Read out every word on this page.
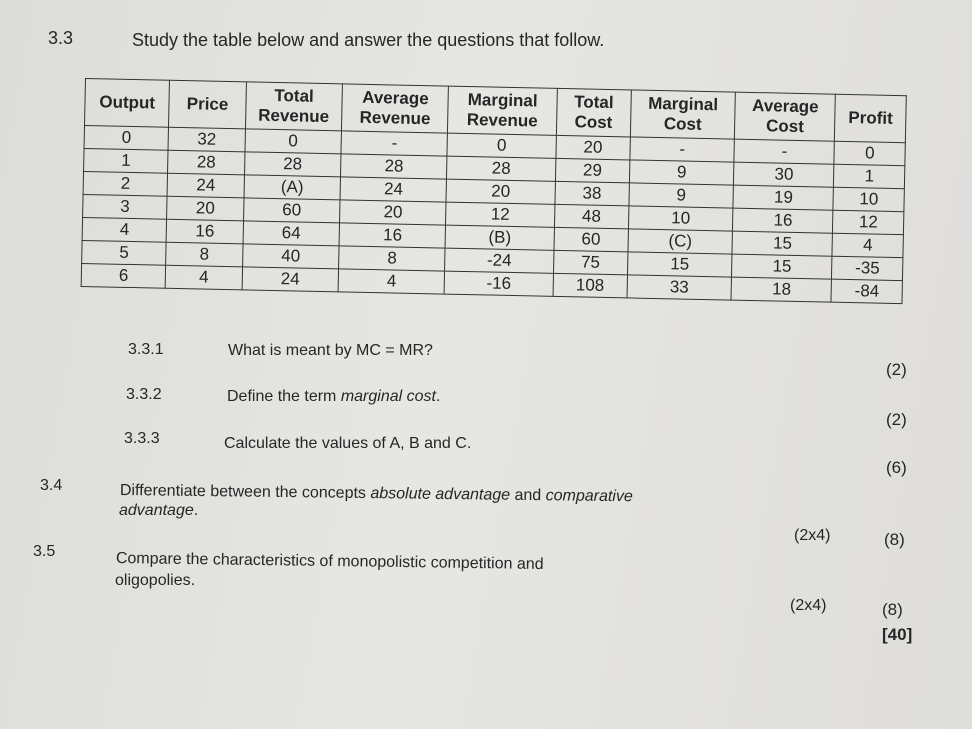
3.3	Study the table below and answer the questions that follow.
Output	Price	Total Revenue	Average Revenue	Marginal Revenue	Total Cost	Marginal Cost	Average Cost	Profit
0	32	0	-	0	20	-	-	0
1	28	28	28	28	29	9	30	1
2	24	(A)	24	20	38	9	19	10
3	20	60	20	12	48	10	16	12
4	16	64	16	(B)	60	(C)	15	4
5	8	40	8	-24	75	15	15	-35
6	4	24	4	-16	108	33	18	-84
3.3.1	What is meant by MC = MR?
(2)
3.3.2	Define the term marginal cost.
(2)
3.3.3	Calculate the values of A, B and C.
(6)
3.4	Differentiate between the concepts absolute advantage and comparative
advantage.
(2x4)	(8)
3.5	Compare the characteristics of monopolistic competition and
oligopolies.
(2x4)	(8)
[40]
